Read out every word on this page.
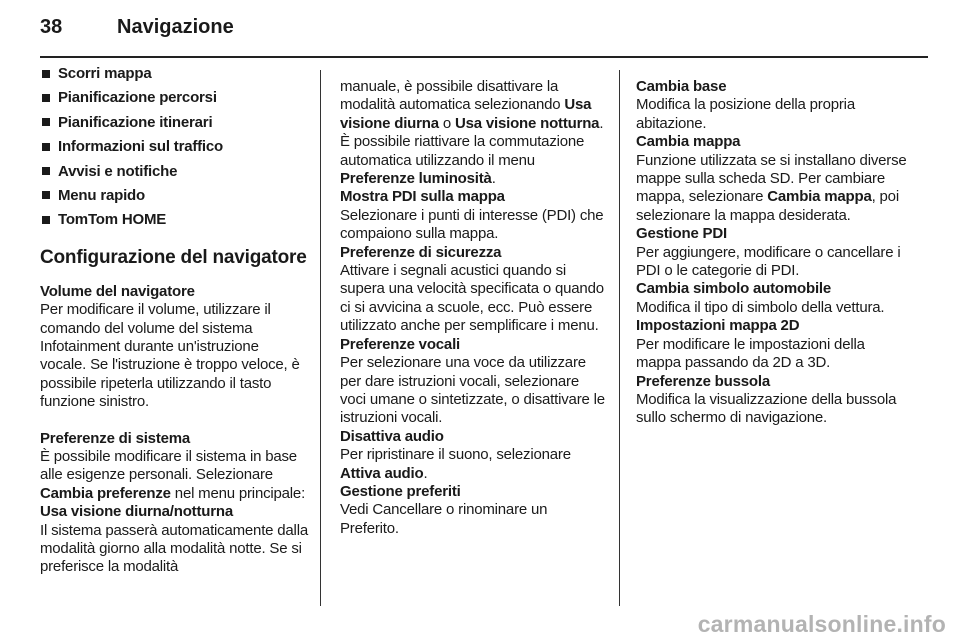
38	Navigazione
Scorri mappa
Pianificazione percorsi
Pianificazione itinerari
Informazioni sul traffico
Avvisi e notifiche
Menu rapido
TomTom HOME
Configurazione del navigatore
Volume del navigatore
Per modificare il volume, utilizzare il comando del volume del sistema Infotainment durante un'istruzione vocale. Se l'istruzione è troppo veloce, è possibile ripeterla utilizzando il tasto funzione sinistro.
Preferenze di sistema
È possibile modificare il sistema in base alle esigenze personali. Selezionare Cambia preferenze nel menu principale:
Usa visione diurna/notturna
Il sistema passerà automaticamente dalla modalità giorno alla modalità notte. Se si preferisce la modalità
manuale, è possibile disattivare la modalità automatica selezionando Usa visione diurna o Usa visione notturna. È possibile riattivare la commutazione automatica utilizzando il menu Preferenze luminosità.
Mostra PDI sulla mappa
Selezionare i punti di interesse (PDI) che compaiono sulla mappa.
Preferenze di sicurezza
Attivare i segnali acustici quando si supera una velocità specificata o quando ci si avvicina a scuole, ecc. Può essere utilizzato anche per semplificare i menu.
Preferenze vocali
Per selezionare una voce da utilizzare per dare istruzioni vocali, selezionare voci umane o sintetizzate, o disattivare le istruzioni vocali.
Disattiva audio
Per ripristinare il suono, selezionare Attiva audio.
Gestione preferiti
Vedi Cancellare o rinominare un Preferito.
Cambia base
Modifica la posizione della propria abitazione.
Cambia mappa
Funzione utilizzata se si installano diverse mappe sulla scheda SD. Per cambiare mappa, selezionare Cambia mappa, poi selezionare la mappa desiderata.
Gestione PDI
Per aggiungere, modificare o cancellare i PDI o le categorie di PDI.
Cambia simbolo automobile
Modifica il tipo di simbolo della vettura.
Impostazioni mappa 2D
Per modificare le impostazioni della mappa passando da 2D a 3D.
Preferenze bussola
Modifica la visualizzazione della bussola sullo schermo di navigazione.
carmanualsonline.info
